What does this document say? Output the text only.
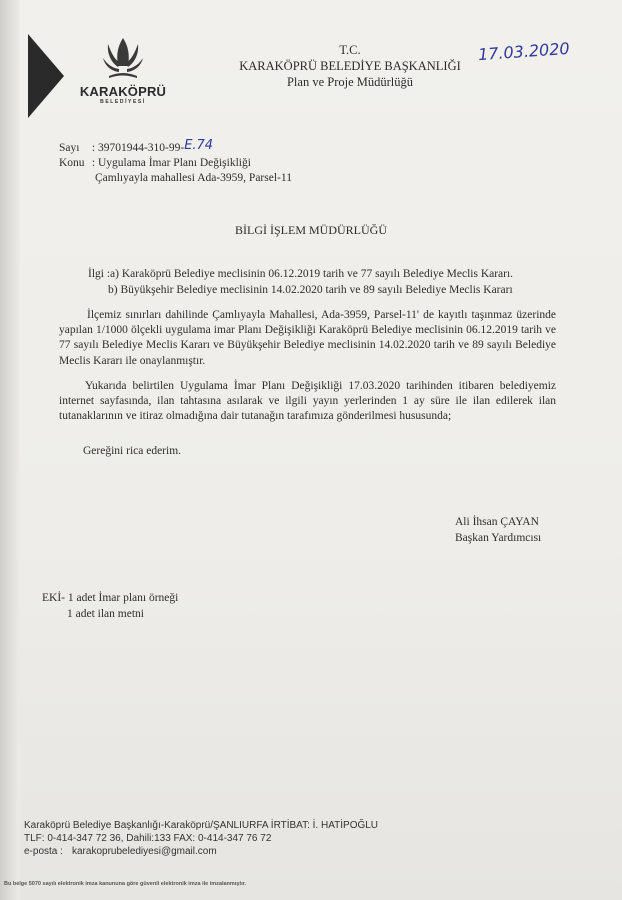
KARAKÖPRÜ
BELEDİYESİ
T.C.
KARAKÖPRÜ BELEDİYE BAŞKANLIĞI
Plan ve Proje Müdürlüğü
17.03.2020
Sayı : 39701944-310-99-E.74
Konu : Uygulama İmar Planı Değişikliği
Çamlıyayla mahallesi Ada-3959, Parsel-11
BİLGİ İŞLEM MÜDÜRLÜĞÜ
İlgi :a) Karaköprü Belediye meclisinin 06.12.2019 tarih ve 77 sayılı Belediye Meclis Kararı.
b) Büyükşehir Belediye meclisinin 14.02.2020 tarih ve 89 sayılı Belediye Meclis Kararı
İlçemiz sınırları dahilinde Çamlıyayla Mahallesi, Ada-3959, Parsel-11' de kayıtlı taşınmaz üzerinde yapılan 1/1000 ölçekli uygulama imar Planı Değişikliği Karaköprü Belediye meclisinin 06.12.2019 tarih ve 77 sayılı Belediye Meclis Kararı ve Büyükşehir Belediye meclisinin 14.02.2020 tarih ve 89 sayılı Belediye Meclis Kararı ile onaylanmıştır.
Yukarıda belirtilen Uygulama İmar Planı Değişikliği 17.03.2020 tarihinden itibaren belediyemiz internet sayfasında, ilan tahtasına asılarak ve ilgili yayın yerlerinden 1 ay süre ile ilan edilerek ilan tutanaklarının ve itiraz olmadığına dair tutanağın tarafımıza gönderilmesi hususunda;
Gereğini rica ederim.
Ali İhsan ÇAYAN
Başkan Yardımcısı
EKİ- 1 adet İmar planı örneği
1 adet ilan metni
Karaköprü Belediye Başkanlığı-Karaköprü/ŞANLIURFA İRTİBAT: İ. HATİPOĞLU
TLF: 0-414-347 72 36, Dahili:133 FAX: 0-414-347 76 72
e-posta : karakoprubelediyesi@gmail.com
Bu belge 5070 sayılı elektronik imza kanununa göre güvenli elektronik imza ile imzalanmıştır.
